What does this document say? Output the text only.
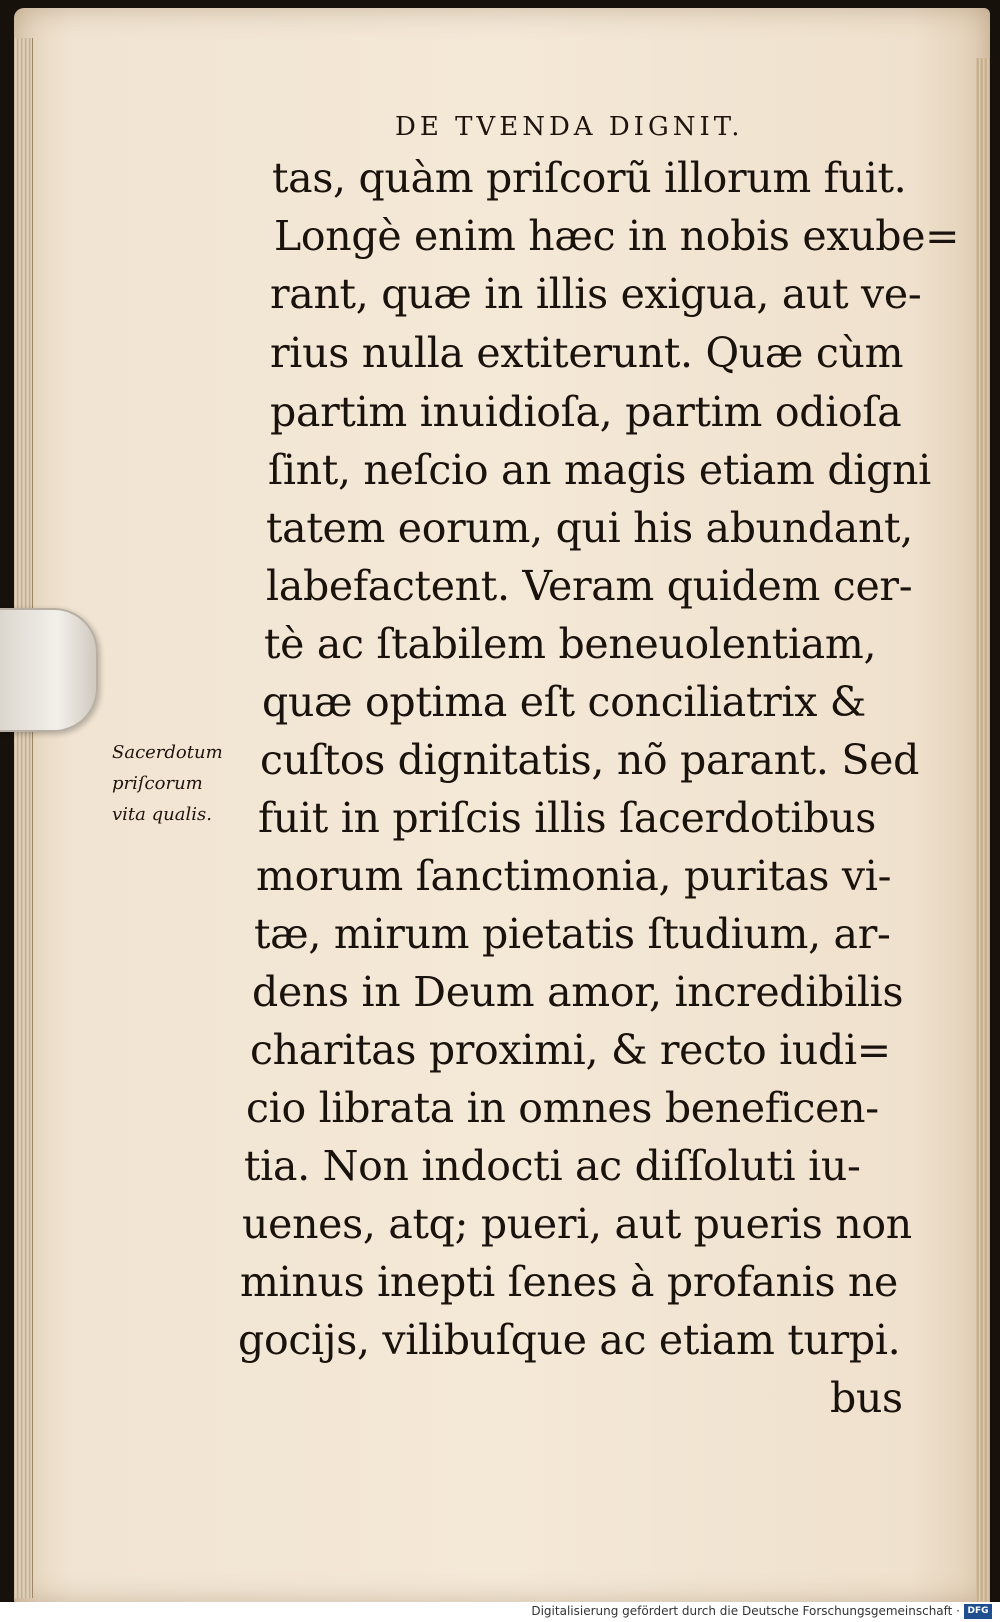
DE TVENDA DIGNIT.
Sacerdotum
priſcorum
vita qualis.
tas, quàm priſcorũ illorum fuit.
Longè enim hæc in nobis exube=
rant, quæ in illis exigua, aut ve-
rius nulla extiterunt. Quæ cùm
partim inuidioſa, partim odioſa
ſint, neſcio an magis etiam digni
tatem eorum, qui his abundant,
labefactent. Veram quidem cer-
tè ac ſtabilem beneuolentiam,
quæ optima eſt conciliatrix &
cuſtos dignitatis, nõ parant. Sed
fuit in priſcis illis ſacerdotibus
morum ſanctimonia, puritas vi-
tæ, mirum pietatis ſtudium, ar-
dens in Deum amor, incredibilis
charitas proximi, & recto iudi=
cio librata in omnes beneficen-
tia. Non indocti ac diſſoluti iu-
uenes, atq; pueri, aut pueris non
minus inepti ſenes à profanis ne
gocijs, vilibuſque ac etiam turpi.
bus
Digitalisierung gefördert durch die Deutsche Forschungsgemeinschaft · DFG
